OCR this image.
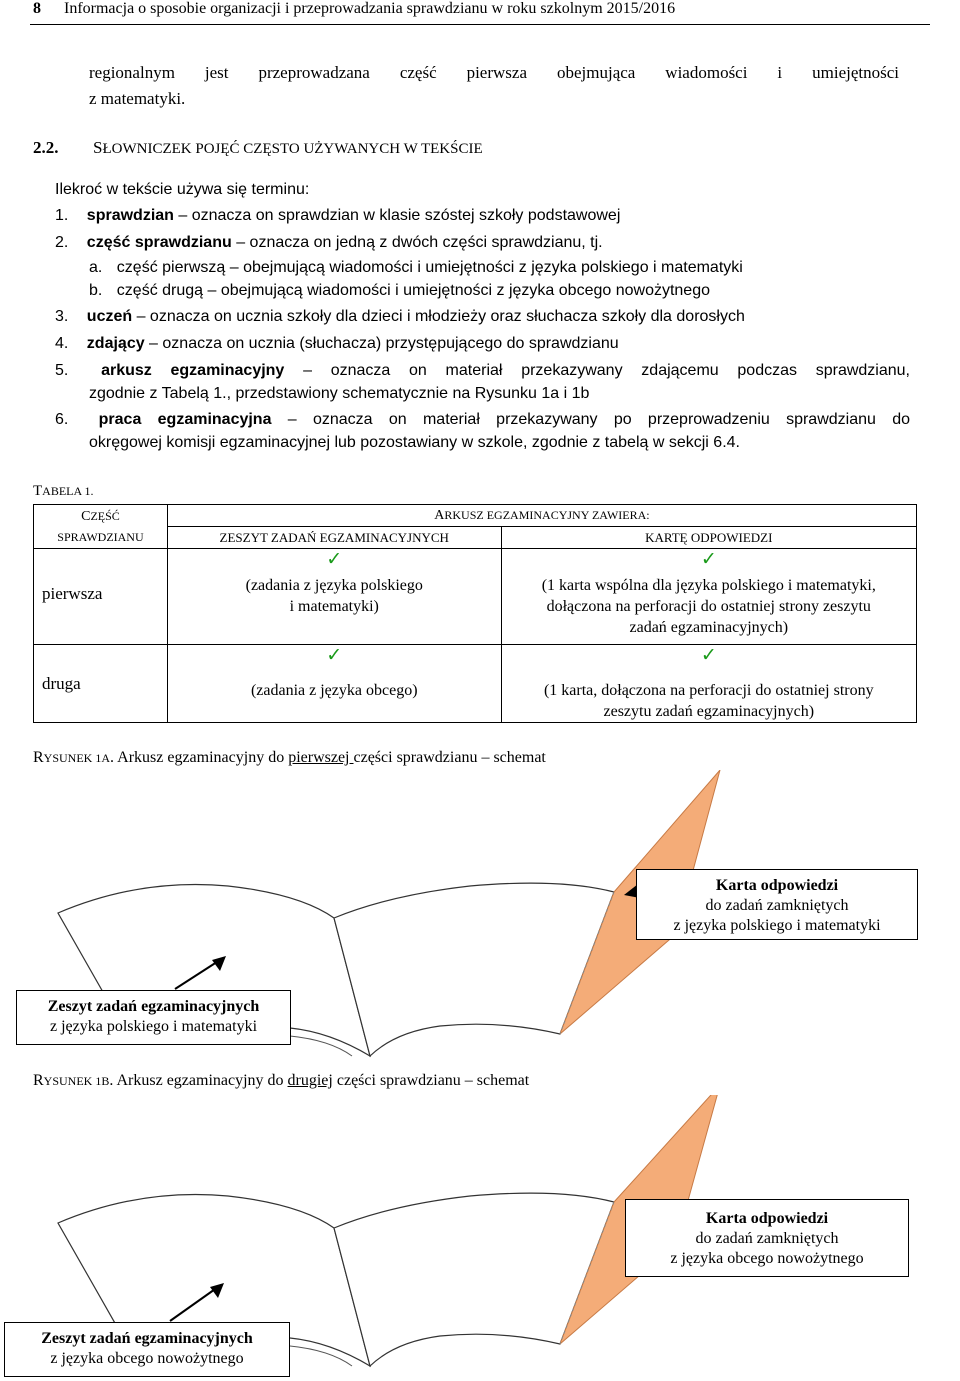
8 Informacja o sposobie organizacji i przeprowadzania sprawdzianu w roku szkolnym 2015/2016
regionalnym jest przeprowadzana część pierwsza obejmująca wiadomości i umiejętności
z matematyki.
2.2. SŁOWNICZEK POJĘĆ CZĘSTO UŻYWANYCH W TEKŚCIE
Ilekroć w tekście używa się terminu:
1. sprawdzian – oznacza on sprawdzian w klasie szóstej szkoły podstawowej
2. część sprawdzianu – oznacza on jedną z dwóch części sprawdzianu, tj.
a. część pierwszą – obejmującą wiadomości i umiejętności z języka polskiego i matematyki
b. część drugą – obejmującą wiadomości i umiejętności z języka obcego nowożytnego
3. uczeń – oznacza on ucznia szkoły dla dzieci i młodzieży oraz słuchacza szkoły dla dorosłych
4. zdający – oznacza on ucznia (słuchacza) przystępującego do sprawdzianu
5. arkusz egzaminacyjny – oznacza on materiał przekazywany zdającemu podczas sprawdzianu,
zgodnie z Tabelą 1., przedstawiony schematycznie na Rysunku 1a i 1b
6. praca egzaminacyjna – oznacza on materiał przekazywany po przeprowadzeniu sprawdzianu do
okręgowej komisji egzaminacyjnej lub pozostawiany w szkole, zgodnie z tabelą w sekcji 6.4.
TABELA 1.
CZĘŚĆ
SPRAWDZIANU	ARKUSZ EGZAMINACYJNY ZAWIERA:	
	ZESZYT ZADAŃ EGZAMINACYJNYCH	KARTĘ ODPOWIEDZI
pierwsza	✓
(zadania z języka polskiego
i matematyki)	✓
(1 karta wspólna dla języka polskiego i matematyki,
dołączona na perforacji do ostatniej strony zeszytu
zadań egzaminacyjnych)

druga	✓
(zadania z języka obcego)	✓
(1 karta, dołączona na perforacji do ostatniej strony
zeszytu zadań egzaminacyjnych)
RYSUNEK 1A. Arkusz egzaminacyjny do pierwszej części sprawdzianu – schemat
Karta odpowiedzi
do zadań zamkniętych
z języka polskiego i matematyki
Zeszyt zadań egzaminacyjnych
z języka polskiego i matematyki
RYSUNEK 1B. Arkusz egzaminacyjny do drugiej części sprawdzianu – schemat
Karta odpowiedzi
do zadań zamkniętych
z języka obcego nowożytnego
Zeszyt zadań egzaminacyjnych
z języka obcego nowożytnego
